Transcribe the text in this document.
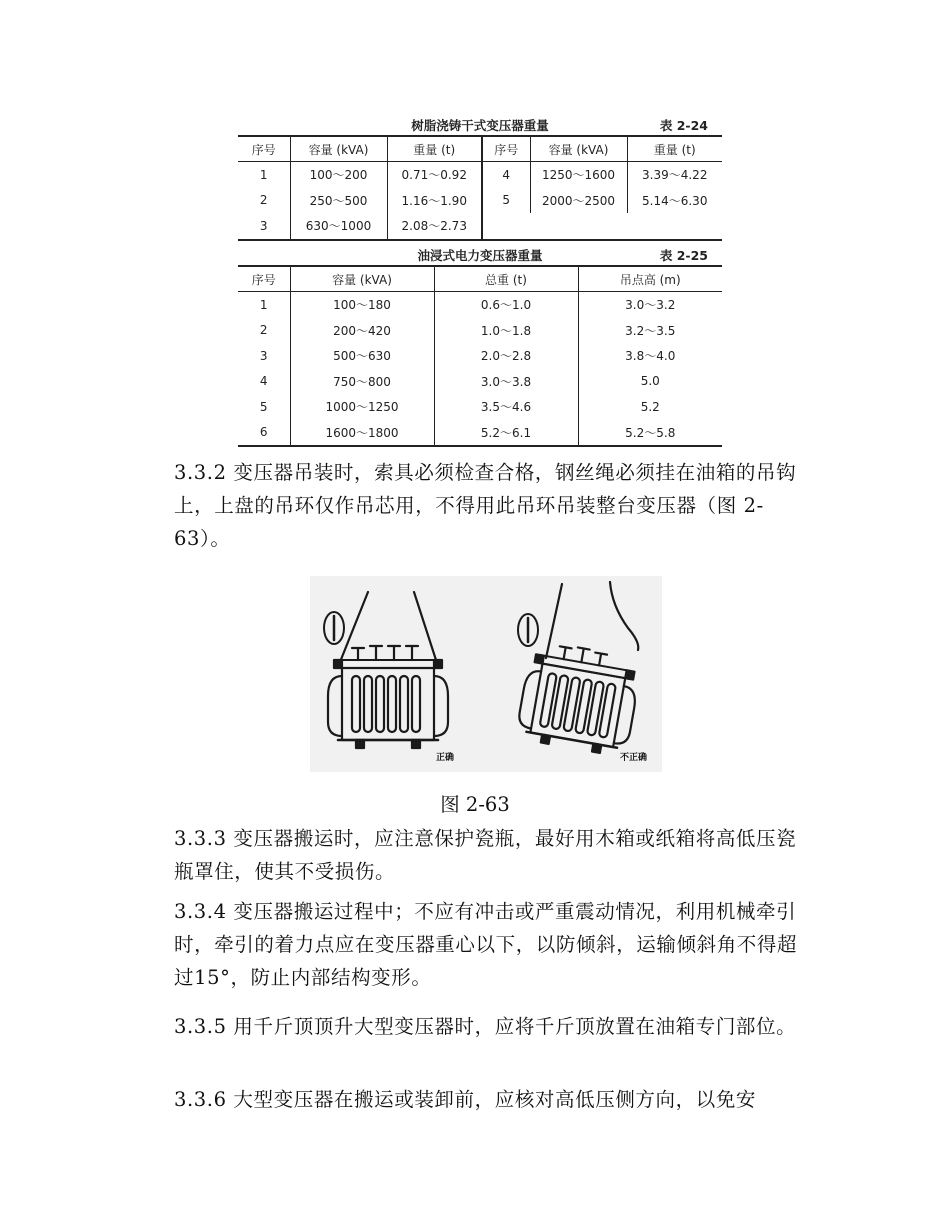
树脂浇铸干式变压器重量	表 2-24
序号	容量 (kVA)	重量 (t)	序号	容量 (kVA)	重量 (t)
1	100～200	0.71～0.92	4	1250～1600	3.39～4.22
2	250～500	1.16～1.90	5	2000～2500	5.14～6.30
3	630～1000	2.08～2.73			
油浸式电力变压器重量	表 2-25
序号	容量 (kVA)	总重 (t)	吊点高 (m)
1	100～180	0.6～1.0	3.0～3.2
2	200～420	1.0～1.8	3.2～3.5
3	500～630	2.0～2.8	3.8～4.0
4	750～800	3.0～3.8	5.0
5	1000～1250	3.5～4.6	5.2
6	1600～1800	5.2～6.1	5.2～5.8

3.3.2 变压器吊装时，索具必须检查合格，钢丝绳必须挂在油箱的吊钩上，上盘的吊环仅作吊芯用，不得用此吊环吊装整台变压器（图 2-63）。

正确	不正确
图 2-63

3.3.3 变压器搬运时，应注意保护瓷瓶，最好用木箱或纸箱将高低压瓷瓶罩住，使其不受损伤。

3.3.4 变压器搬运过程中；不应有冲击或严重震动情况，利用机械牵引时，牵引的着力点应在变压器重心以下，以防倾斜，运输倾斜角不得超过15°，防止内部结构变形。

3.3.5 用千斤顶顶升大型变压器时，应将千斤顶放置在油箱专门部位。

3.3.6 大型变压器在搬运或装卸前，应核对高低压侧方向，以免安
